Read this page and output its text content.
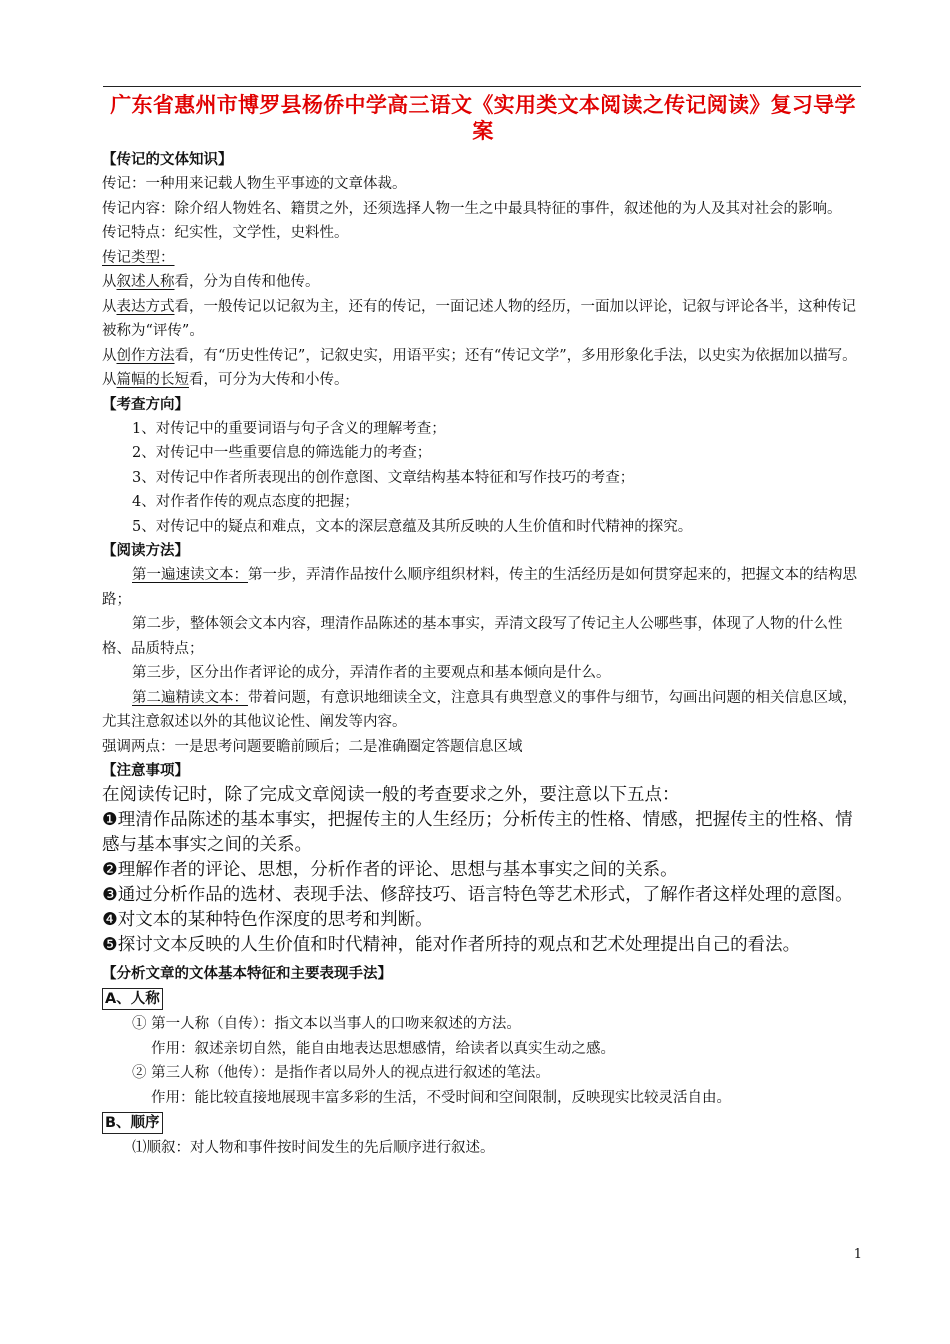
广东省惠州市博罗县杨侨中学高三语文《实用类文本阅读之传记阅读》复习导学案

【传记的文体知识】

传记：一种用来记载人物生平事迹的文章体裁。

传记内容：除介绍人物姓名、籍贯之外，还须选择人物一生之中最具特征的事件，叙述他的为人及其对社会的影响。

传记特点：纪实性，文学性，史料性。

传记类型：

从叙述人称看，分为自传和他传。

从表达方式看，一般传记以记叙为主，还有的传记，一面记述人物的经历，一面加以评论，记叙与评论各半，这种传记被称为“评传”。

从创作方法看，有“历史性传记”，记叙史实，用语平实；还有“传记文学”，多用形象化手法，以史实为依据加以描写。

从篇幅的长短看，可分为大传和小传。

【考查方向】

1、对传记中的重要词语与句子含义的理解考查；

2、对传记中一些重要信息的筛选能力的考查；

3、对传记中作者所表现出的创作意图、文章结构基本特征和写作技巧的考查；

4、对作者作传的观点态度的把握；

5、对传记中的疑点和难点，文本的深层意蕴及其所反映的人生价值和时代精神的探究。

【阅读方法】

第一遍速读文本：第一步，弄清作品按什么顺序组织材料，传主的生活经历是如何贯穿起来的，把握文本的结构思路；

第二步，整体领会文本内容，理清作品陈述的基本事实，弄清文段写了传记主人公哪些事，体现了人物的什么性格、品质特点；

第三步，区分出作者评论的成分，弄清作者的主要观点和基本倾向是什么。

第二遍精读文本：带着问题，有意识地细读全文，注意具有典型意义的事件与细节，勾画出问题的相关信息区域，尤其注意叙述以外的其他议论性、阐发等内容。

强调两点：一是思考问题要瞻前顾后；二是准确圈定答题信息区域

【注意事项】

在阅读传记时，除了完成文章阅读一般的考查要求之外，要注意以下五点：

❶理清作品陈述的基本事实，把握传主的人生经历；分析传主的性格、情感，把握传主的性格、情感与基本事实之间的关系。

❷理解作者的评论、思想，分析作者的评论、思想与基本事实之间的关系。

❸通过分析作品的选材、表现手法、修辞技巧、语言特色等艺术形式，了解作者这样处理的意图。

❹对文本的某种特色作深度的思考和判断。

❺探讨文本反映的人生价值和时代精神，能对作者所持的观点和艺术处理提出自己的看法。

【分析文章的文体基本特征和主要表现手法】

A、人称

① 第一人称（自传）：指文本以当事人的口吻来叙述的方法。

作用：叙述亲切自然，能自由地表达思想感情，给读者以真实生动之感。

② 第三人称（他传）：是指作者以局外人的视点进行叙述的笔法。

作用：能比较直接地展现丰富多彩的生活，不受时间和空间限制，反映现实比较灵活自由。

B、顺序

⑴顺叙：对人物和事件按时间发生的先后顺序进行叙述。

1
